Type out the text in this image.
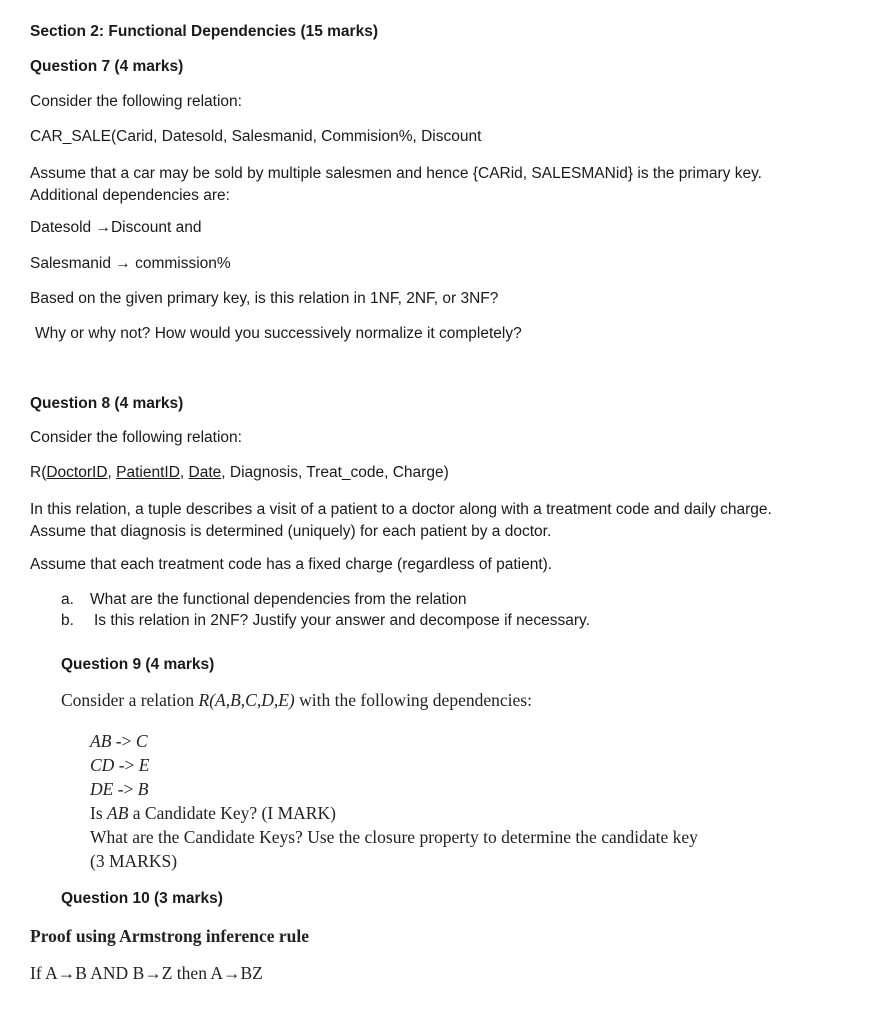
Section 2: Functional Dependencies (15 marks)
Question 7 (4 marks)
Consider the following relation:
CAR_SALE(Carid, Datesold, Salesmanid, Commision%, Discount
Assume that a car may be sold by multiple salesmen and hence {CARid, SALESMANid} is the primary key. Additional dependencies are:
Datesold →Discount and
Salesmanid → commission%
Based on the given primary key, is this relation in 1NF, 2NF, or 3NF?
Why or why not? How would you successively normalize it completely?
Question 8 (4 marks)
Consider the following relation:
R(DoctorID, PatientID, Date, Diagnosis, Treat_code, Charge)
In this relation, a tuple describes a visit of a patient to a doctor along with a treatment code and daily charge. Assume that diagnosis is determined (uniquely) for each patient by a doctor.
Assume that each treatment code has a fixed charge (regardless of patient).
a. What are the functional dependencies from the relation
b. Is this relation in 2NF? Justify your answer and decompose if necessary.
Question 9 (4 marks)
Consider a relation R(A,B,C,D,E) with the following dependencies:
AB -> C
CD -> E
DE -> B
Is AB a Candidate Key? (I MARK)
What are the Candidate Keys? Use the closure property to determine the candidate key
(3 MARKS)
Question 10 (3 marks)
Proof using Armstrong inference rule
If A→B AND B→Z then A→BZ
